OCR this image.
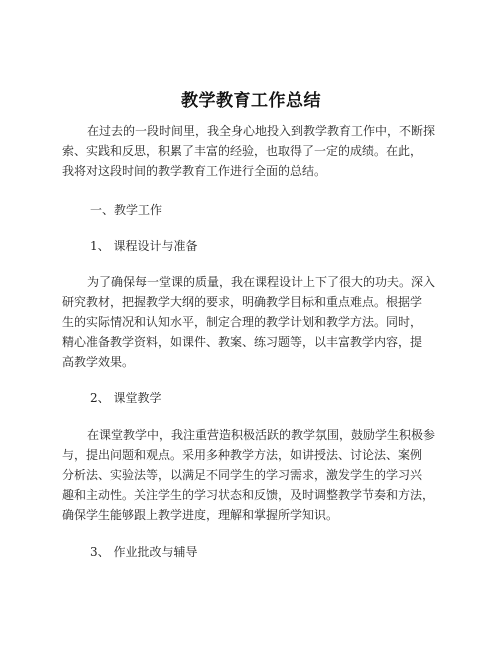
教学教育工作总结
在过去的一段时间里，我全身心地投入到教学教育工作中，不断探
索、实践和反思，积累了丰富的经验，也取得了一定的成绩。在此，
我将对这段时间的教学教育工作进行全面的总结。
一、教学工作
1、 课程设计与准备
为了确保每一堂课的质量，我在课程设计上下了很大的功夫。深入
研究教材，把握教学大纲的要求，明确教学目标和重点难点。根据学
生的实际情况和认知水平，制定合理的教学计划和教学方法。同时，
精心准备教学资料，如课件、教案、练习题等，以丰富教学内容，提
高教学效果。
2、 课堂教学
在课堂教学中，我注重营造积极活跃的教学氛围，鼓励学生积极参
与，提出问题和观点。采用多种教学方法，如讲授法、讨论法、案例
分析法、实验法等，以满足不同学生的学习需求，激发学生的学习兴
趣和主动性。关注学生的学习状态和反馈，及时调整教学节奏和方法，
确保学生能够跟上教学进度，理解和掌握所学知识。
3、 作业批改与辅导
